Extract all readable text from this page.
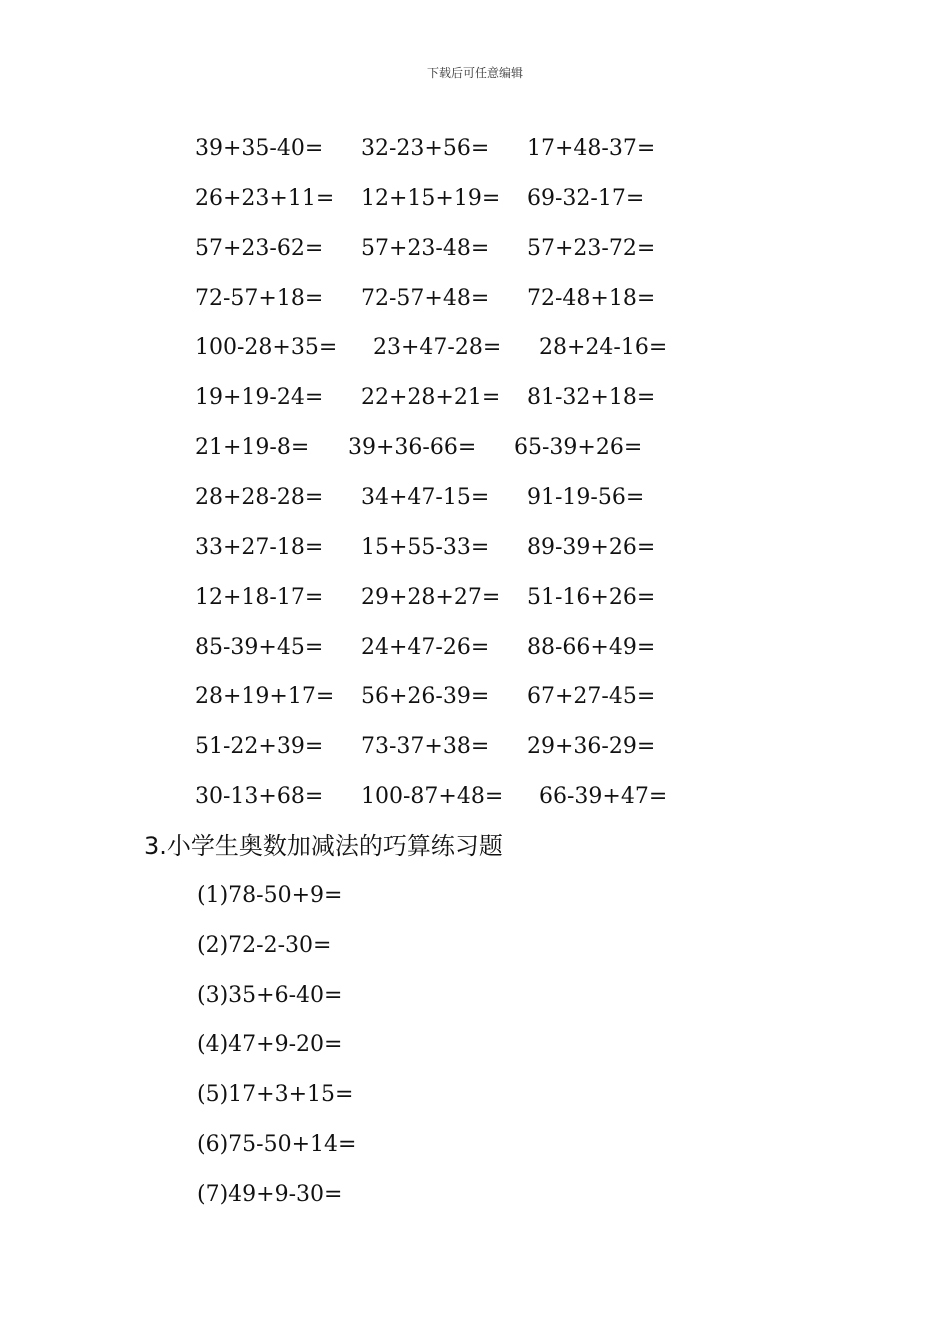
下载后可任意编辑
39+35-40= 32-23+56= 17+48-37=
26+23+11= 12+15+19= 69-32-17=
57+23-62= 57+23-48= 57+23-72=
72-57+18= 72-57+48= 72-48+18=
100-28+35= 23+47-28= 28+24-16=
19+19-24= 22+28+21= 81-32+18=
21+19-8= 39+36-66= 65-39+26=
28+28-28= 34+47-15= 91-19-56=
33+27-18= 15+55-33= 89-39+26=
12+18-17= 29+28+27= 51-16+26=
85-39+45= 24+47-26= 88-66+49=
28+19+17= 56+26-39= 67+27-45=
51-22+39= 73-37+38= 29+36-29=
30-13+68= 100-87+48= 66-39+47=
3.小学生奥数加减法的巧算练习题
(1)78-50+9=
(2)72-2-30=
(3)35+6-40=
(4)47+9-20=
(5)17+3+15=
(6)75-50+14=
(7)49+9-30=
